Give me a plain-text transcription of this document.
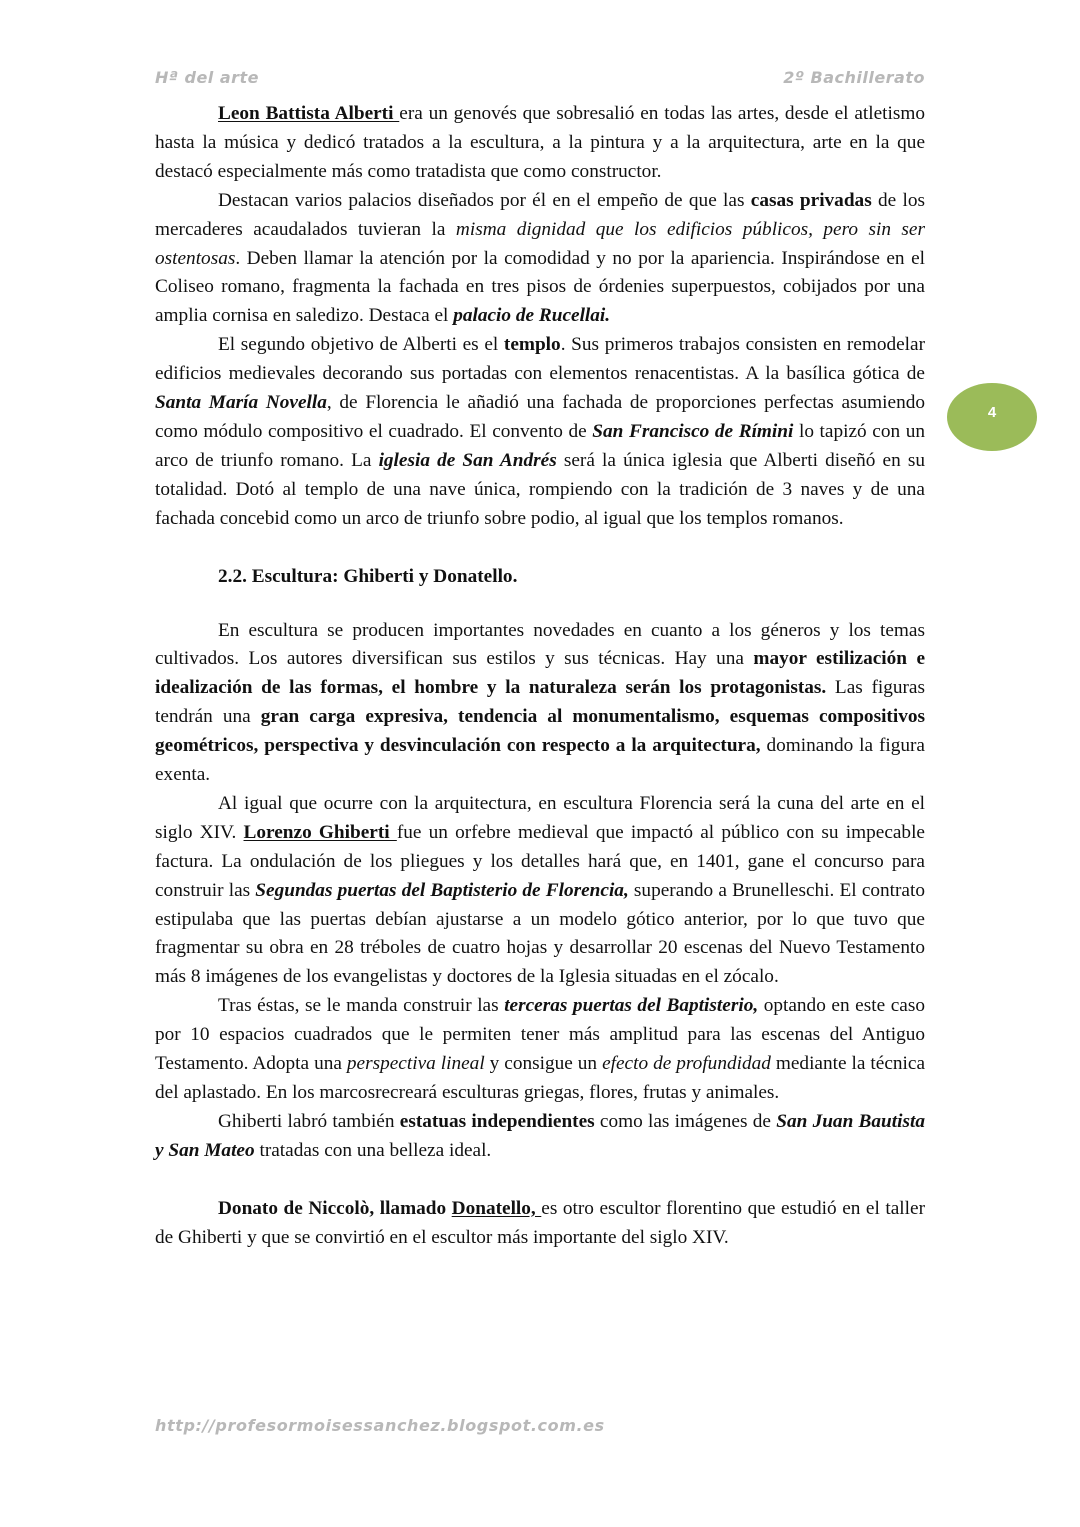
Hª del arte	2º Bachillerato
4

Leon Battista Alberti era un genovés que sobresalió en todas las artes, desde el atletismo hasta la música y dedicó tratados a la escultura, a la pintura y a la arquitectura, arte en la que destacó especialmente más como tratadista que como constructor.

Destacan varios palacios diseñados por él en el empeño de que las casas privadas de los mercaderes acaudalados tuvieran la misma dignidad que los edificios públicos, pero sin ser ostentosas. Deben llamar la atención por la comodidad y no por la apariencia. Inspirándose en el Coliseo romano, fragmenta la fachada en tres pisos de órdenies superpuestos, cobijados por una amplia cornisa en saledizo. Destaca el palacio de Rucellai.

El segundo objetivo de Alberti es el templo. Sus primeros trabajos consisten en remodelar edificios medievales decorando sus portadas con elementos renacentistas. A la basílica gótica de Santa María Novella, de Florencia le añadió una fachada de proporciones perfectas asumiendo como módulo compositivo el cuadrado. El convento de San Francisco de Rímini lo tapizó con un arco de triunfo romano. La iglesia de San Andrés será la única iglesia que Alberti diseñó en su totalidad. Dotó al templo de una nave única, rompiendo con la tradición de 3 naves y de una fachada concebid como un arco de triunfo sobre podio, al igual que los templos romanos.

2.2. Escultura: Ghiberti y Donatello.

En escultura se producen importantes novedades en cuanto a los géneros y los temas cultivados. Los autores diversifican sus estilos y sus técnicas. Hay una mayor estilización e idealización de las formas, el hombre y la naturaleza serán los protagonistas. Las figuras tendrán una gran carga expresiva, tendencia al monumentalismo, esquemas compositivos geométricos, perspectiva y desvinculación con respecto a la arquitectura, dominando la figura exenta.

Al igual que ocurre con la arquitectura, en escultura Florencia será la cuna del arte en el siglo XIV. Lorenzo Ghiberti fue un orfebre medieval que impactó al público con su impecable factura. La ondulación de los pliegues y los detalles hará que, en 1401, gane el concurso para construir las Segundas puertas del Baptisterio de Florencia, superando a Brunelleschi. El contrato estipulaba que las puertas debían ajustarse a un modelo gótico anterior, por lo que tuvo que fragmentar su obra en 28 tréboles de cuatro hojas y desarrollar 20 escenas del Nuevo Testamento más 8 imágenes de los evangelistas y doctores de la Iglesia situadas en el zócalo.

Tras éstas, se le manda construir las terceras puertas del Baptisterio, optando en este caso por 10 espacios cuadrados que le permiten tener más amplitud para las escenas del Antiguo Testamento. Adopta una perspectiva lineal y consigue un efecto de profundidad mediante la técnica del aplastado. En los marcosrecreará esculturas griegas, flores, frutas y animales.

Ghiberti labró también estatuas independientes como las imágenes de San Juan Bautista y San Mateo tratadas con una belleza ideal.

Donato de Niccolò, llamado Donatello, es otro escultor florentino que estudió en el taller de Ghiberti y que se convirtió en el escultor más importante del siglo XIV.

http://profesormoisessanchez.blogspot.com.es
